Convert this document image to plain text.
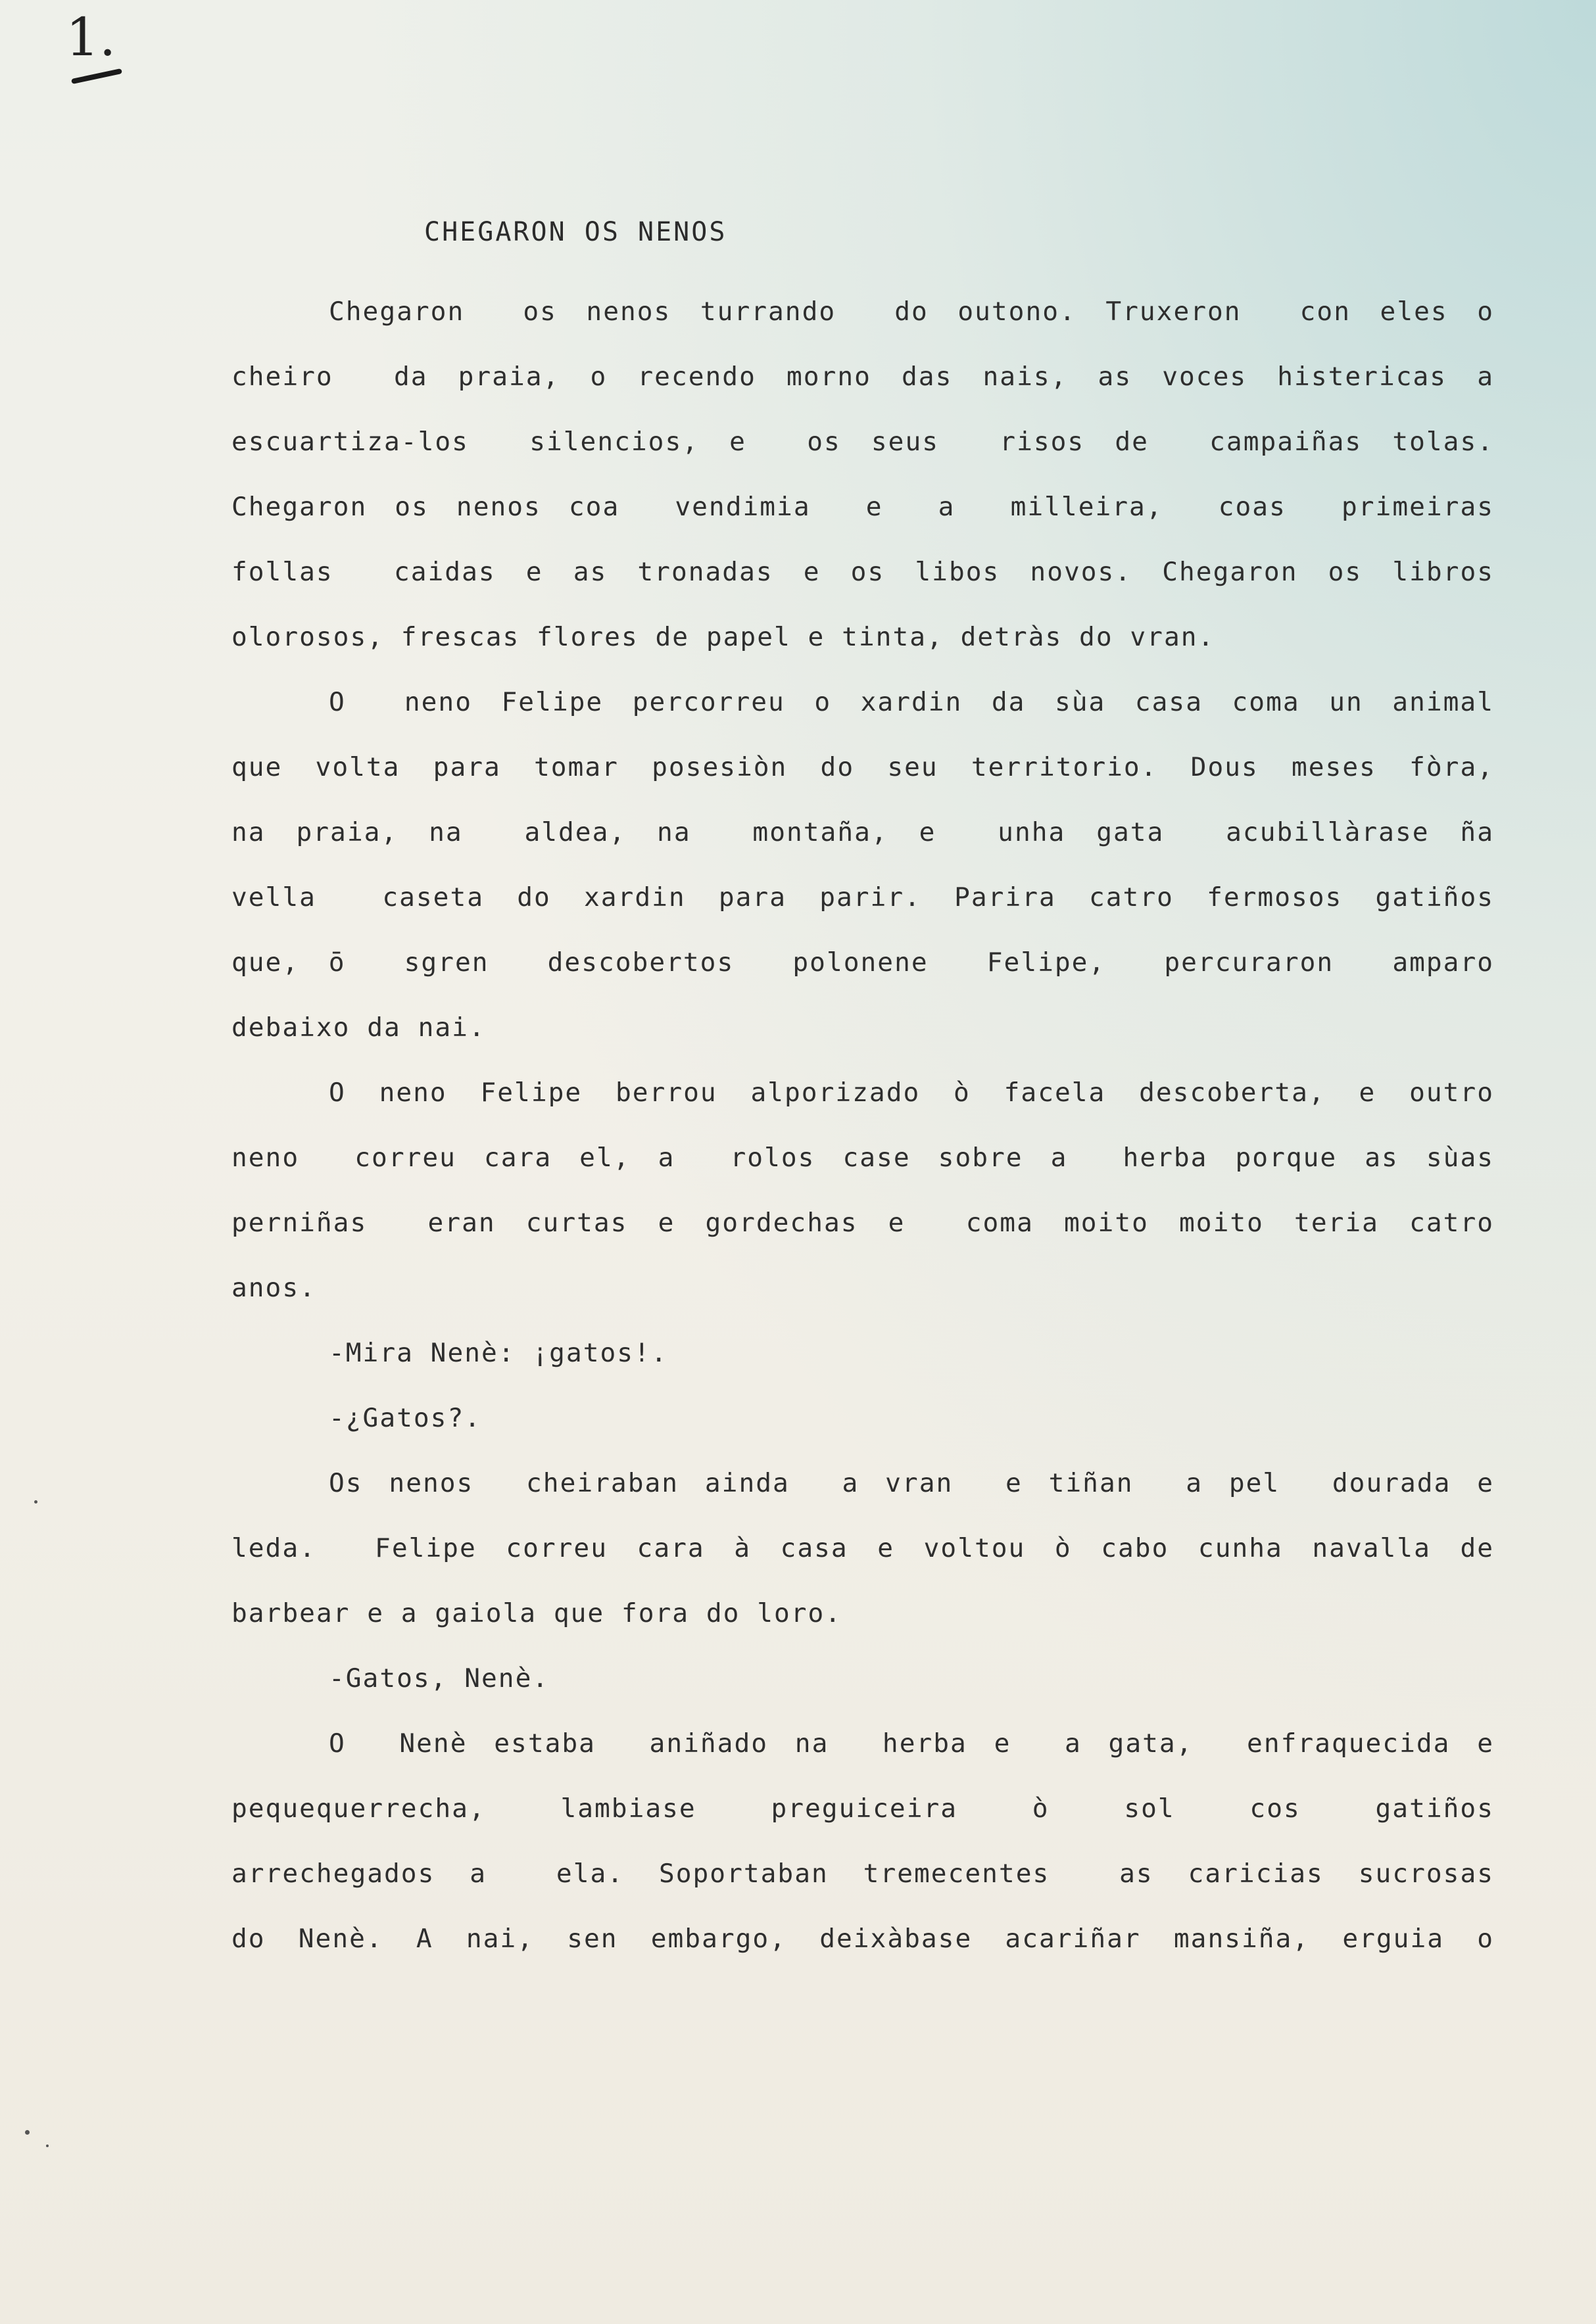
1.
CHEGARON OS NENOS
Chegaron  os nenos turrando  do outono. Truxeron  con eles o
cheiro  da praia, o recendo morno das nais, as voces histericas a
escuartiza-los  silencios, e  os seus  risos de  campaiñas tolas.
Chegaron os nenos coa  vendimia  e  a  milleira,  coas  primeiras
follas  caidas e as tronadas e os libos novos. Chegaron os libros
olorosos, frescas flores de papel e tinta, detràs do vran.
O  neno Felipe percorreu o xardin da sùa casa coma un animal
que volta para tomar posesiòn do seu territorio. Dous meses fòra,
na praia, na  aldea, na  montaña, e  unha gata  acubillàrase ña
vella  caseta do xardin para parir. Parira catro fermosos gatiños
que, ō  sgren  descobertos  polonene  Felipe,  percuraron  amparo
debaixo da nai.
O neno Felipe berrou alporizado ò facela descoberta, e outro
neno  correu cara el, a  rolos case sobre a  herba porque as sùas
perniñas  eran curtas e gordechas e  coma moito moito teria catro
anos.
-Mira Nenè: ¡gatos!.
-¿Gatos?.
Os nenos  cheiraban ainda  a vran  e tiñan  a pel  dourada e
leda.  Felipe correu cara à casa e voltou ò cabo cunha navalla de
barbear e a gaiola que fora do loro.
-Gatos, Nenè.
O  Nenè estaba  aniñado na  herba e  a gata,  enfraquecida e
pequequerrecha,  lambiase  preguiceira  ò  sol  cos  gatiños
arrechegados a  ela. Soportaban tremecentes  as caricias sucrosas
do Nenè. A nai, sen embargo, deixàbase acariñar mansiña, erguia o
